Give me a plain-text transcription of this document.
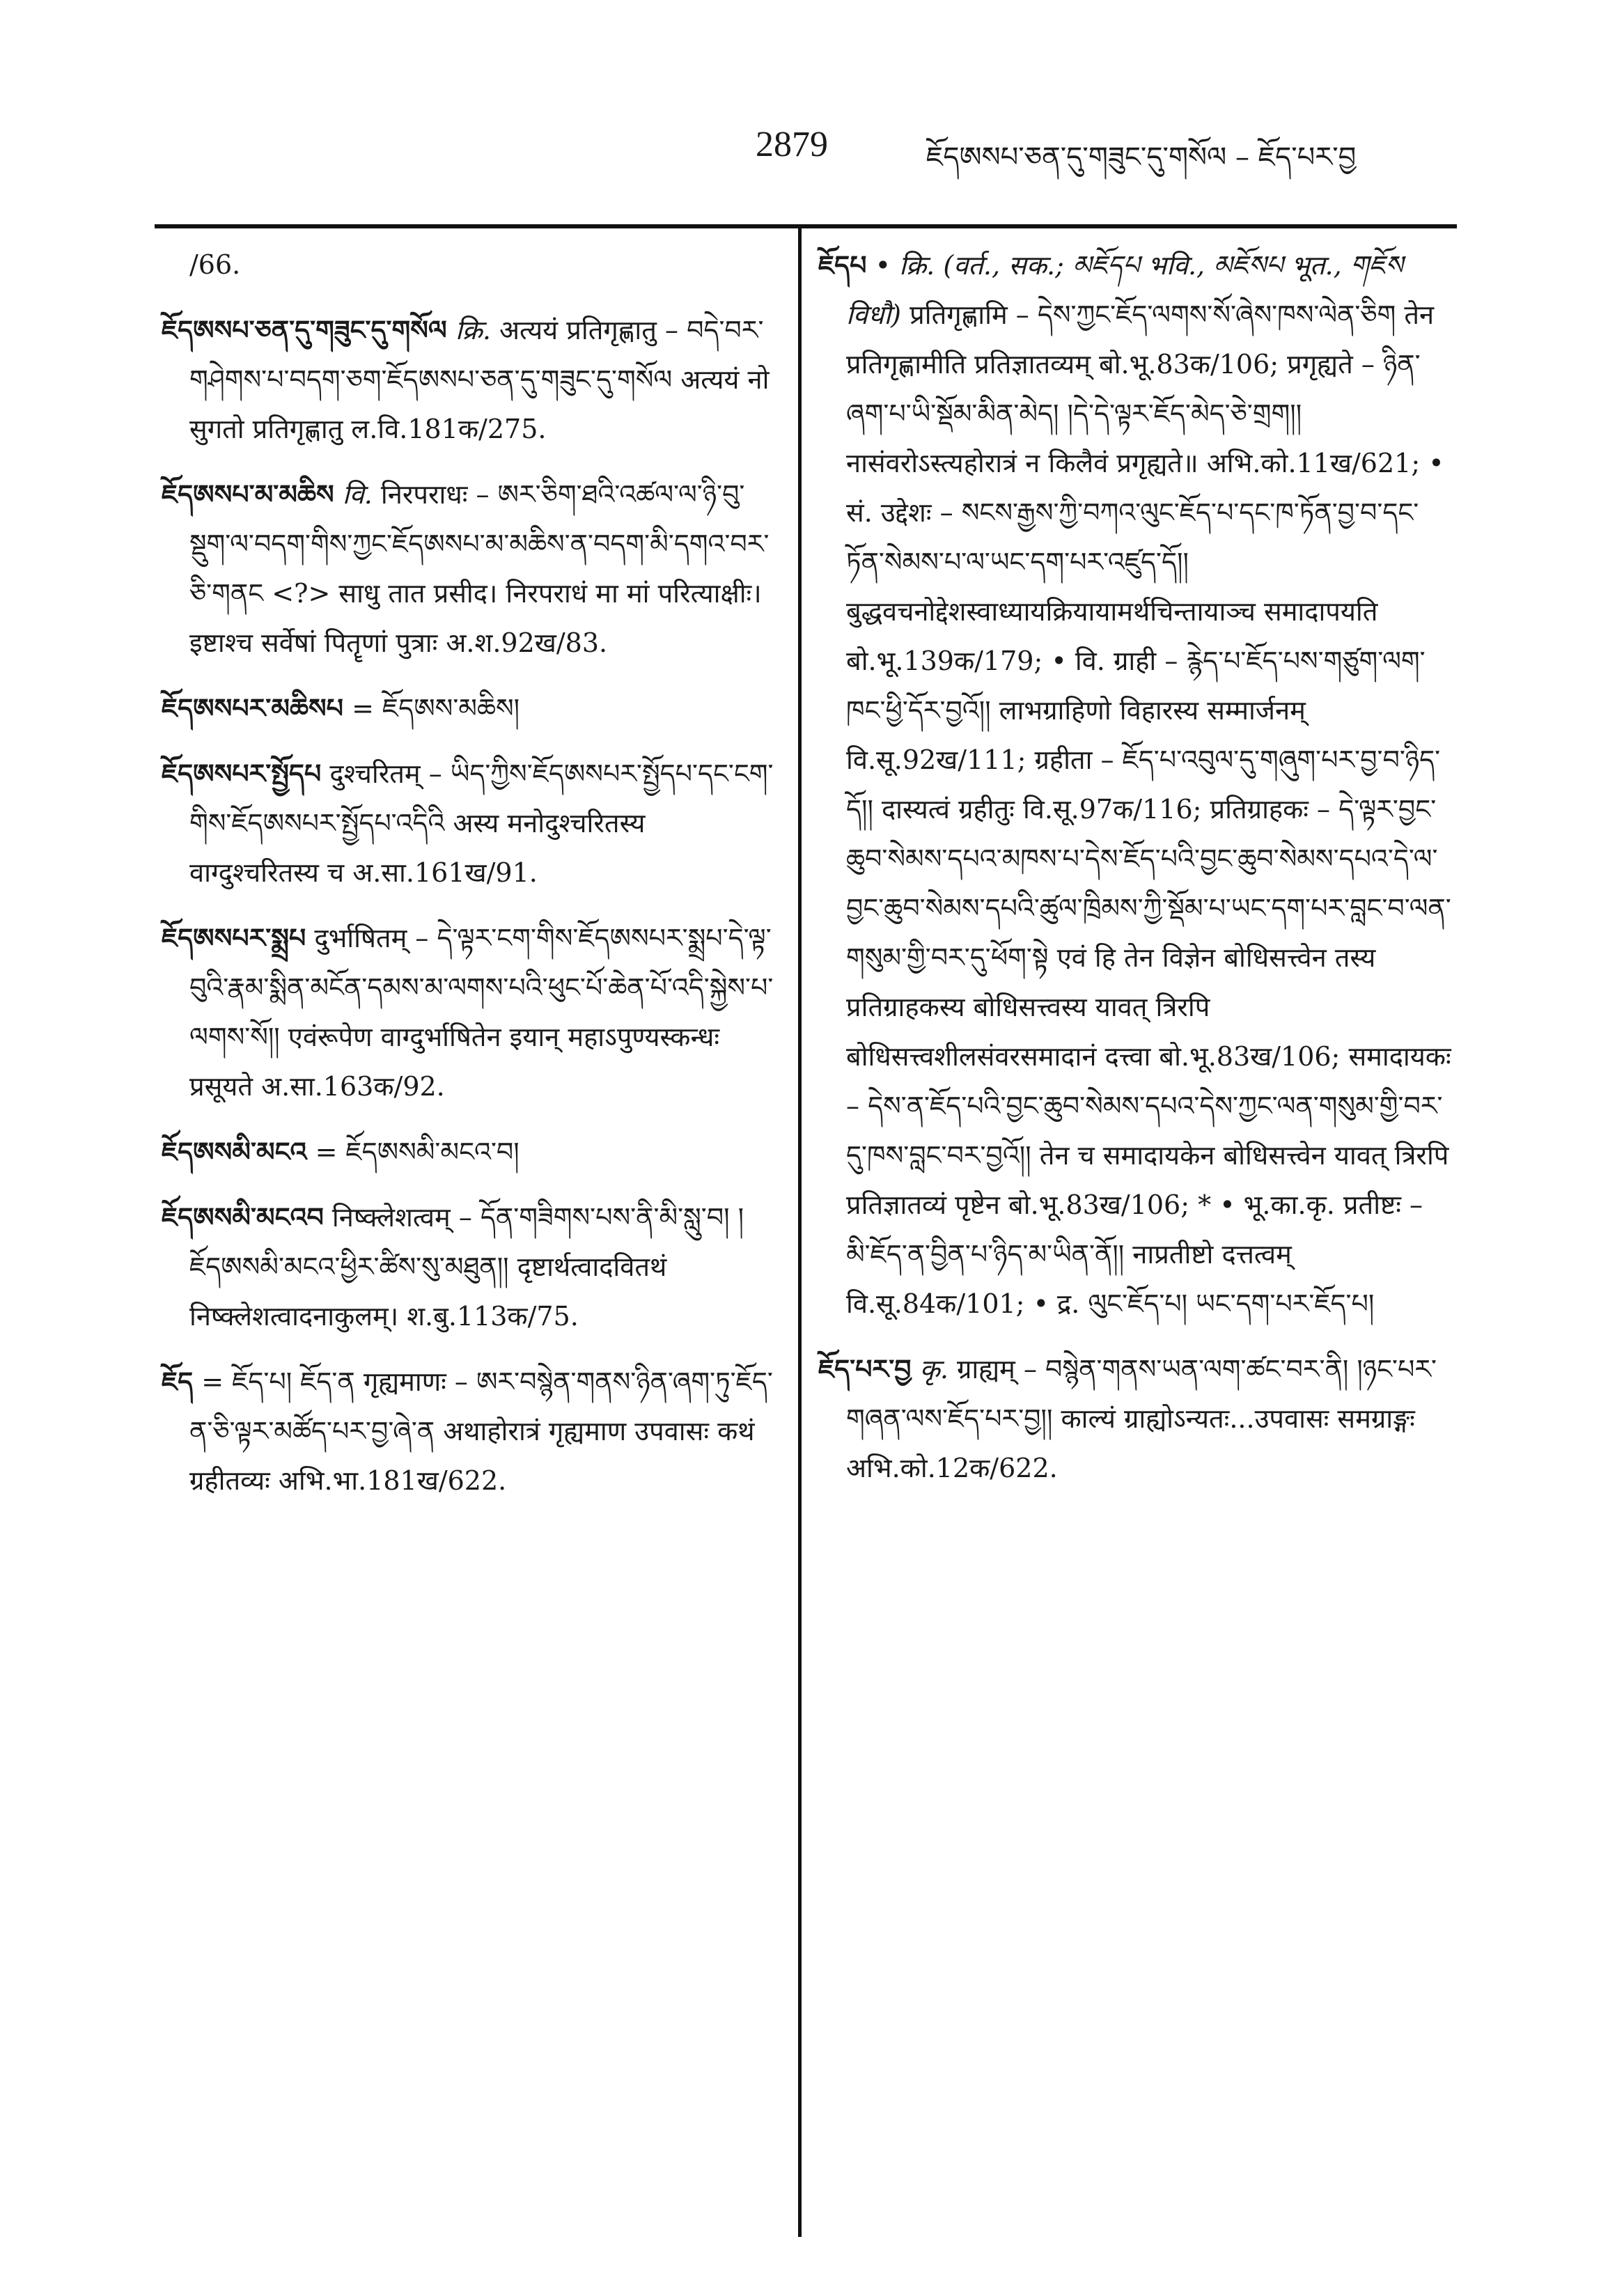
2879	ཇོདཨསཔ་ཅན་དུ་གཟུང་དུ་གསོལ – ཇོད་པར་བྱ

/66.

ཇོདཨསཔ་ཅན་དུ་གཟུང་དུ་གསོལ क्रि. अत्ययं प्रतिगृह्णातु – བདེ་བར་གཤེགས་པ་བདག་ཅག་ཇོདཨསཔ་ཅན་དུ་གཟུང་དུ་གསོལ अत्ययं नो सुगतो प्रतिगृह्णातु ल.वि.181क/275.

ཇོདཨསཔ་མ་མཆིས वि. निरपराधः – ཨར་ཅིག་ཐའི་འཚལ་ལ་ཉི་བུ་སྡུག་ལ་བདག་གིས་ཀྱང་ཇོདཨསཔ་མ་མཆིས་ན་བདག་མི་དགའ་བར་ཅི་གནང <?> साधु तात प्रसीद। निरपराधं मा मां परित्याक्षीः। इष्टाश्च सर्वेषां पितॄणां पुत्राः अ.श.92ख/83.

ཇོདཨསཔར་མཆིསཔ = ཇོདཨས་མཆིས།

ཇོདཨསཔར་སྤྱོདཔ दुश्चरितम् – ཡིད་ཀྱིས་ཇོདཨསཔར་སྤྱོདཔ་དང་ངག་གིས་ཇོདཨསཔར་སྤྱོདཔ་འདིའི अस्य मनोदुश्चरितस्य वाग्दुश्चरितस्य च अ.सा.161ख/91.

ཇོདཨསཔར་སྨྲཔ दुर्भाषितम् – དེ་ལྟར་ངག་གིས་ཇོདཨསཔར་སྨྲཔ་དེ་ལྟ་བུའི་རྣམ་སྨིན་མངོན་དམས་མ་ལགས་པའི་ཕུང་པོ་ཆེན་པོ་འདི་སྐྱེས་པ་ལགས་སོ།། एवंरूपेण वाग्दुर्भाषितेन इयान् महाऽपुण्यस्कन्धः प्रसूयते अ.सा.163क/92.

ཇོདཨསམི་མངའ = ཇོདཨསམི་མངའ་བ།

ཇོདཨསམི་མངའབ निष्क्लेशत्वम् – དོན་གཟིགས་པས་ནི་མི་སླུ་བ། །ཇོདཨསམི་མངའ་ཕྱིར་ཚིས་སུ་མཐུན།། दृष्टार्थत्वादवितथं निष्क्लेशत्वादनाकुलम्। श.बु.113क/75.

ཇོད = ཇོད་པ། ཇོད་ན गृह्यमाणः – ཨར་བསྙེན་གནས་ཉིན་ཞག་ཏུ་ཇོད་ན་ཅི་ལྟར་མཚོད་པར་བྱ་ཞེ་ན अथाहोरात्रं गृह्यमाण उपवासः कथं ग्रहीतव्यः अभि.भा.181ख/622.

ཇོདཔ • क्रि. (वर्त., सक.; མཇོདཔ भवि., མཇོསཔ भूत., གཇོས विधौ) प्रतिगृह्णामि – དེས་ཀྱང་ཇོད་ལགས་སོ་ཞེས་ཁས་ལེན་ཅིག तेन प्रतिगृह्णामीति प्रतिज्ञातव्यम् बो.भू.83क/106; प्रगृह्यते – ཉིན་ཞག་པ་ཡི་སྡོམ་མིན་མེད། །དེ་དེ་ལྟར་ཇོད་མེད་ཅེ་གྲག།། नासंवरोऽस्त्यहोरात्रं न किलैवं प्रगृह्यते॥ अभि.को.11ख/621; • सं. उद्देशः – སངས་རྒྱས་ཀྱི་བཀའ་ལུང་ཇོད་པ་དང་ཁ་ཏོན་བྱ་བ་དང་ཏོན་སེམས་པ་ལ་ཡང་དག་པར་འཛུད་དོ།། बुद्धवचनोद्देशस्वाध्यायक्रियायामर्थचिन्तायाञ्च समादापयति बो.भू.139क/179; • वि. ग्राही – རྙེད་པ་ཇོད་པས་གཙུག་ལག་ཁང་ཕྱི་དོར་བྱའོ།། लाभग्राहिणो विहारस्य सम्मार्जनम् वि.सू.92ख/111; ग्रहीता – ཇོད་པ་འབུལ་དུ་གཞུག་པར་བྱ་བ་ཉིད་དོ།། दास्यत्वं ग्रहीतुः वि.सू.97क/116; प्रतिग्राहकः – དེ་ལྟར་བྱང་ཆུབ་སེམས་དཔའ་མཁས་པ་དེས་ཇོད་པའི་བྱང་ཆུབ་སེམས་དཔའ་དེ་ལ་བྱང་ཆུབ་སེམས་དཔའི་ཚུལ་ཁྲིམས་ཀྱི་སྡོམ་པ་ཡང་དག་པར་བླང་བ་ལན་གསུམ་གྱི་བར་དུ་ཕོག་སྟེ एवं हि तेन विज्ञेन बोधिसत्त्वेन तस्य प्रतिग्राहकस्य बोधिसत्त्वस्य यावत् त्रिरपि बोधिसत्त्वशीलसंवरसमादानं दत्त्वा बो.भू.83ख/106; समादायकः – དེས་ན་ཇོད་པའི་བྱང་ཆུབ་སེམས་དཔའ་དེས་ཀྱང་ལན་གསུམ་གྱི་བར་དུ་ཁས་བླང་བར་བྱའོ།། तेन च समादायकेन बोधिसत्त्वेन यावत् त्रिरपि प्रतिज्ञातव्यं पृष्टेन बो.भू.83ख/106; * • भू.का.कृ. प्रतीष्टः – མི་ཇོད་ན་བྱིན་པ་ཉིད་མ་ཡིན་ནོ།། नाप्रतीष्टो दत्तत्वम् वि.सू.84क/101; • द्र. ལུང་ཇོད་པ། ཡང་དག་པར་ཇོད་པ།

ཇོད་པར་བྱ कृ. ग्राह्यम् – བསྙེན་གནས་ཡན་ལག་ཚང་བར་ནི། །ཉང་པར་གཞན་ལས་ཇོད་པར་བྱ།། काल्यं ग्राह्योऽन्यतः...उपवासः समग्राङ्गः अभि.को.12क/622.
